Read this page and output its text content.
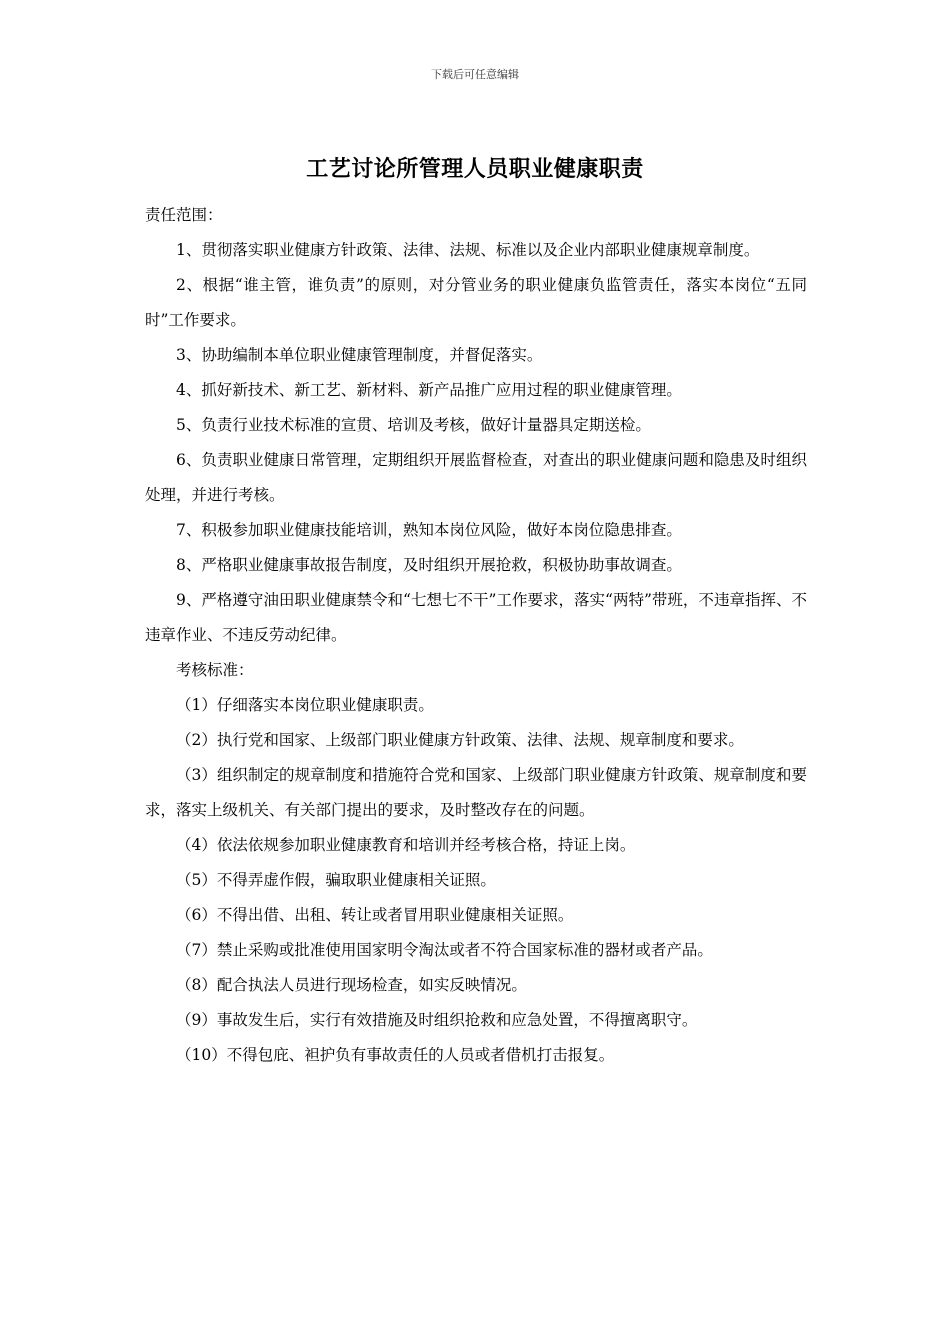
下载后可任意编辑
工艺讨论所管理人员职业健康职责

责任范围：

1、贯彻落实职业健康方针政策、法律、法规、标准以及企业内部职业健康规章制度。

2、根据“谁主管，谁负责”的原则，对分管业务的职业健康负监管责任，落实本岗位“五同时”工作要求。

3、协助编制本单位职业健康管理制度，并督促落实。

4、抓好新技术、新工艺、新材料、新产品推广应用过程的职业健康管理。

5、负责行业技术标准的宣贯、培训及考核，做好计量器具定期送检。

6、负责职业健康日常管理，定期组织开展监督检查，对查出的职业健康问题和隐患及时组织处理，并进行考核。

7、积极参加职业健康技能培训，熟知本岗位风险，做好本岗位隐患排查。

8、严格职业健康事故报告制度，及时组织开展抢救，积极协助事故调查。

9、严格遵守油田职业健康禁令和“七想七不干”工作要求，落实“两特”带班，不违章指挥、不违章作业、不违反劳动纪律。

考核标准：

（1）仔细落实本岗位职业健康职责。

（2）执行党和国家、上级部门职业健康方针政策、法律、法规、规章制度和要求。

（3）组织制定的规章制度和措施符合党和国家、上级部门职业健康方针政策、规章制度和要求，落实上级机关、有关部门提出的要求，及时整改存在的问题。

（4）依法依规参加职业健康教育和培训并经考核合格，持证上岗。

（5）不得弄虚作假，骗取职业健康相关证照。

（6）不得出借、出租、转让或者冒用职业健康相关证照。

（7）禁止采购或批准使用国家明令淘汰或者不符合国家标准的器材或者产品。

（8）配合执法人员进行现场检查，如实反映情况。

（9）事故发生后，实行有效措施及时组织抢救和应急处置，不得擅离职守。

（10）不得包庇、袒护负有事故责任的人员或者借机打击报复。
